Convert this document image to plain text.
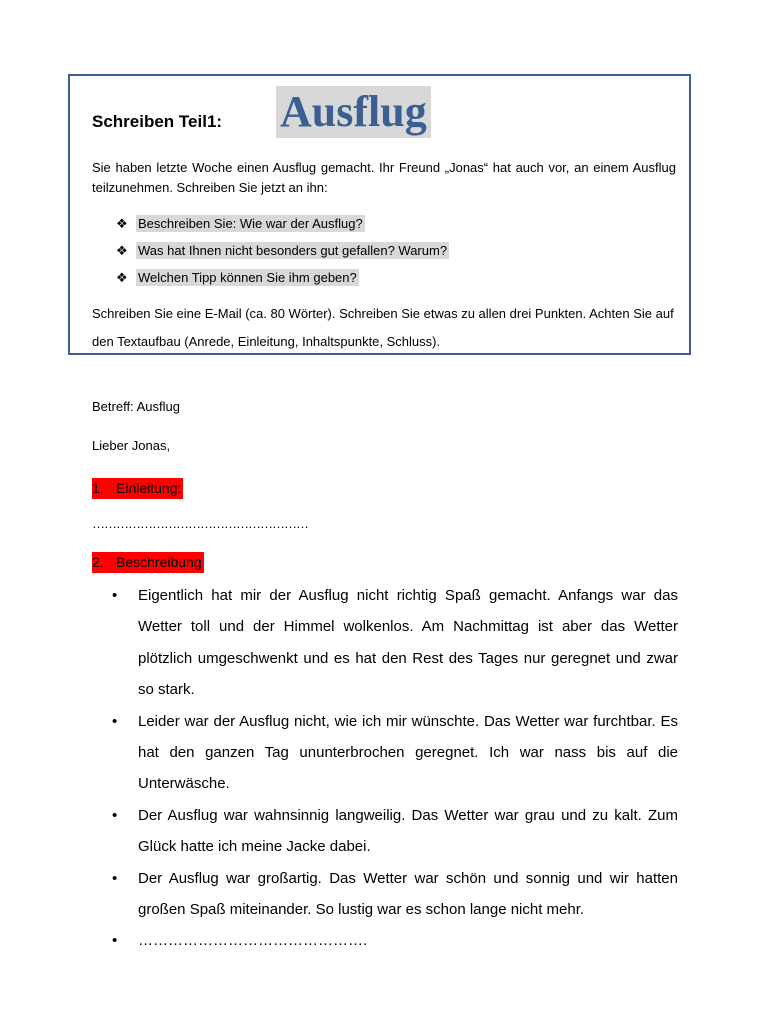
Schreiben Teil1: Ausflug
Sie haben letzte Woche einen Ausflug gemacht. Ihr Freund „Jonas“ hat auch vor, an einem Ausflug teilzunehmen. Schreiben Sie jetzt an ihn:
❖ Beschreiben Sie: Wie war der Ausflug?
❖ Was hat Ihnen nicht besonders gut gefallen? Warum?
❖ Welchen Tipp können Sie ihm geben?
Schreiben Sie eine E-Mail (ca. 80 Wörter). Schreiben Sie etwas zu allen drei Punkten. Achten Sie auf den Textaufbau (Anrede, Einleitung, Inhaltspunkte, Schluss).
Betreff: Ausflug
Lieber Jonas,
1. Einleitung:
………………………………………………
2. Beschreibung
• Eigentlich hat mir der Ausflug nicht richtig Spaß gemacht. Anfangs war das Wetter toll und der Himmel wolkenlos. Am Nachmittag ist aber das Wetter plötzlich umgeschwenkt und es hat den Rest des Tages nur geregnet und zwar so stark.
• Leider war der Ausflug nicht, wie ich mir wünschte. Das Wetter war furchtbar. Es hat den ganzen Tag ununterbrochen geregnet. Ich war nass bis auf die Unterwäsche.
• Der Ausflug war wahnsinnig langweilig. Das Wetter war grau und zu kalt. Zum Glück hatte ich meine Jacke dabei.
• Der Ausflug war großartig. Das Wetter war schön und sonnig und wir hatten großen Spaß miteinander. So lustig war es schon lange nicht mehr.
• ……………………………………….
